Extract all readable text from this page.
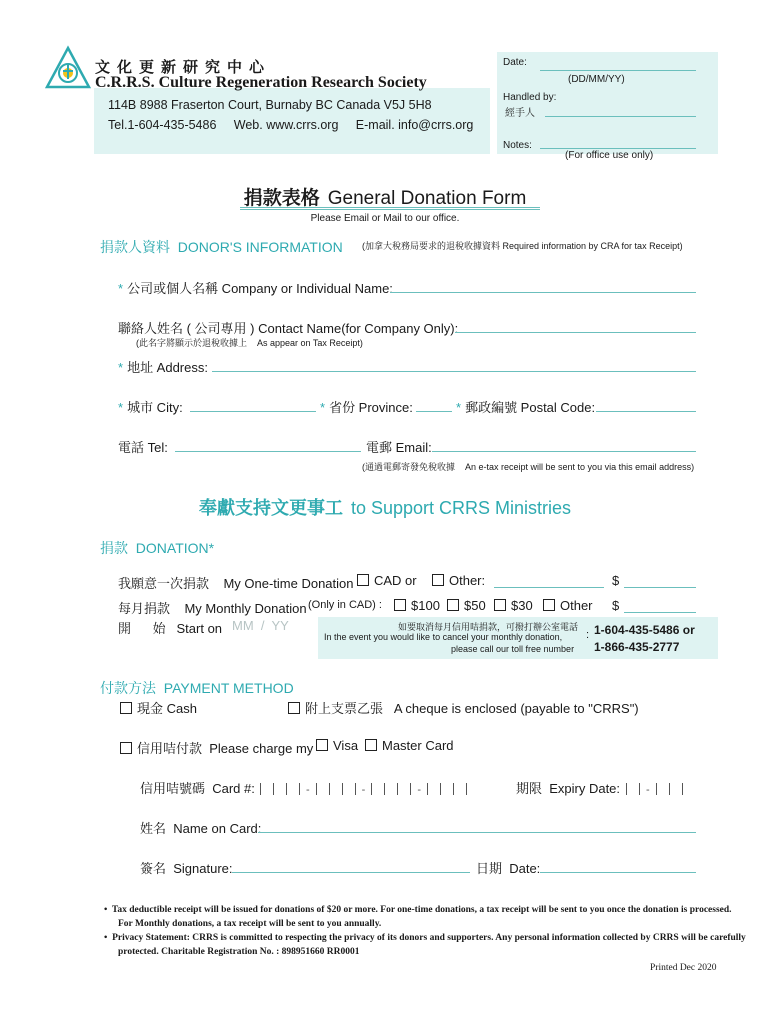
文化更新研究中心
C.R.R.S. Culture Regeneration Research Society
114B 8988 Fraserton Court, Burnaby BC Canada V5J 5H8
Tel.1-604-435-5486     Web. www.crrs.org     E-mail. info@crrs.org
Date:
(DD/MM/YY)
Handled by:
經手人
Notes:
(For office use only)
捐款表格 General Donation Form
Please Email or Mail to our office.
捐款人資料 DONOR'S INFORMATION (加拿大稅務局要求的退稅收據資料 Required information by CRA for tax Receipt)
* 公司或個人名稱 Company or Individual Name:
聯絡人姓名 ( 公司專用 ) Contact Name(for Company Only):
(此名字將顯示於退稅收據上    As appear on Tax Receipt)
* 地址 Address:
* 城市 City:	* 省份 Province:	* 郵政編號 Postal Code:
電話 Tel:	電郵 Email:
(通過電郵寄發免稅收據    An e-tax receipt will be sent to you via this email address)
奉獻支持文更事工 to Support CRRS Ministries
捐款 DONATION*
我願意一次捐款    My One-time Donation	CAD or	Other:	$
每月捐款    My Monthly Donation (Only in CAD) :	$100	$50	$30	Other $
開      始   Start on MM  /  YY	如要取消每月信用咭捐款，可撥打辦公室電話
In the event you would like to cancel your monthly donation,
please call our toll free number
: 1-604-435-5486 or
1-866-435-2777
付款方法 PAYMENT METHOD
現金 Cash	附上支票乙張   A cheque is enclosed (payable to "CRRS")
信用咭付款  Please charge my	Visa	Master Card
信用咭號碼  Card #:	-	-	-	期限  Expiry Date:	-
姓名  Name on Card:
簽名  Signature:	日期  Date:
•  Tax deductible receipt will be issued for donations of $20 or more. For one-time donations, a tax receipt will be sent to you once the donation is processed.
For Monthly donations, a tax receipt will be sent to you annually.
•  Privacy Statement: CRRS is committed to respecting the privacy of its donors and supporters. Any personal information collected by CRRS will be carefully
protected. Charitable Registration No. : 898951660 RR0001
Printed Dec 2020
